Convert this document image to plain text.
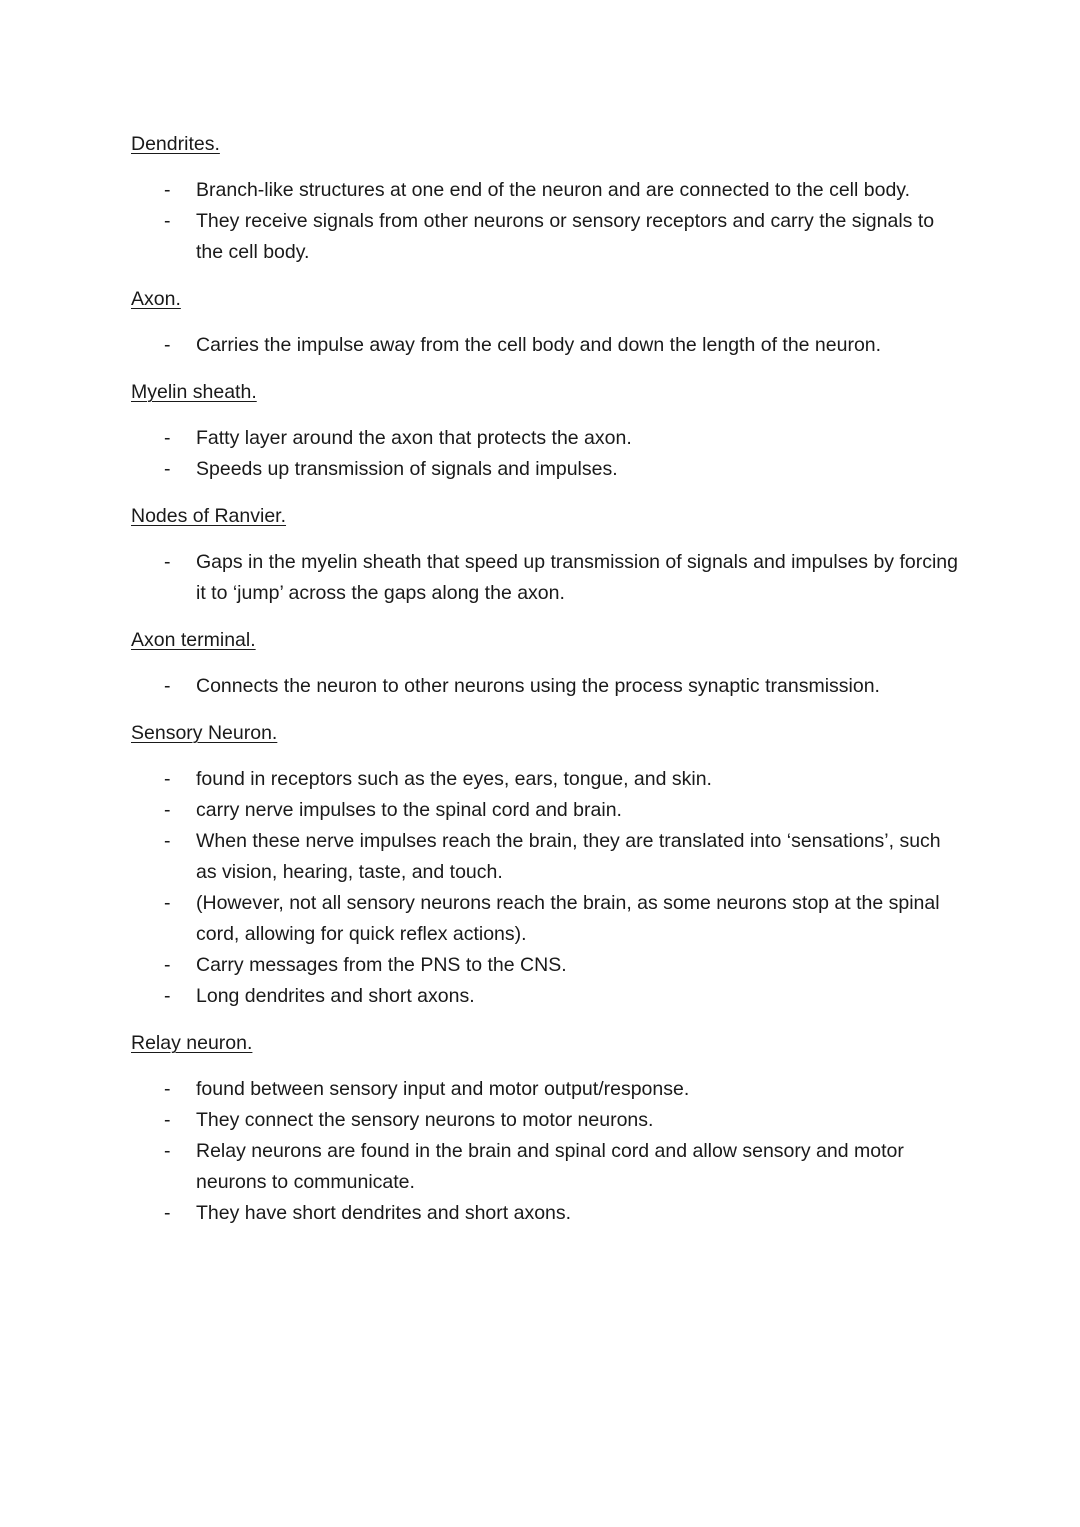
Dendrites.

- Branch-like structures at one end of the neuron and are connected to the cell body.
- They receive signals from other neurons or sensory receptors and carry the signals to the cell body.

Axon.

- Carries the impulse away from the cell body and down the length of the neuron.

Myelin sheath.

- Fatty layer around the axon that protects the axon.
- Speeds up transmission of signals and impulses.

Nodes of Ranvier.

- Gaps in the myelin sheath that speed up transmission of signals and impulses by forcing it to ‘jump’ across the gaps along the axon.

Axon terminal.

- Connects the neuron to other neurons using the process synaptic transmission.

Sensory Neuron.

- found in receptors such as the eyes, ears, tongue, and skin.
- carry nerve impulses to the spinal cord and brain.
- When these nerve impulses reach the brain, they are translated into ‘sensations’, such as vision, hearing, taste, and touch.
- (However, not all sensory neurons reach the brain, as some neurons stop at the spinal cord, allowing for quick reflex actions).
- Carry messages from the PNS to the CNS.
- Long dendrites and short axons.

Relay neuron.

- found between sensory input and motor output/response.
- They connect the sensory neurons to motor neurons.
- Relay neurons are found in the brain and spinal cord and allow sensory and motor neurons to communicate.
- They have short dendrites and short axons.
